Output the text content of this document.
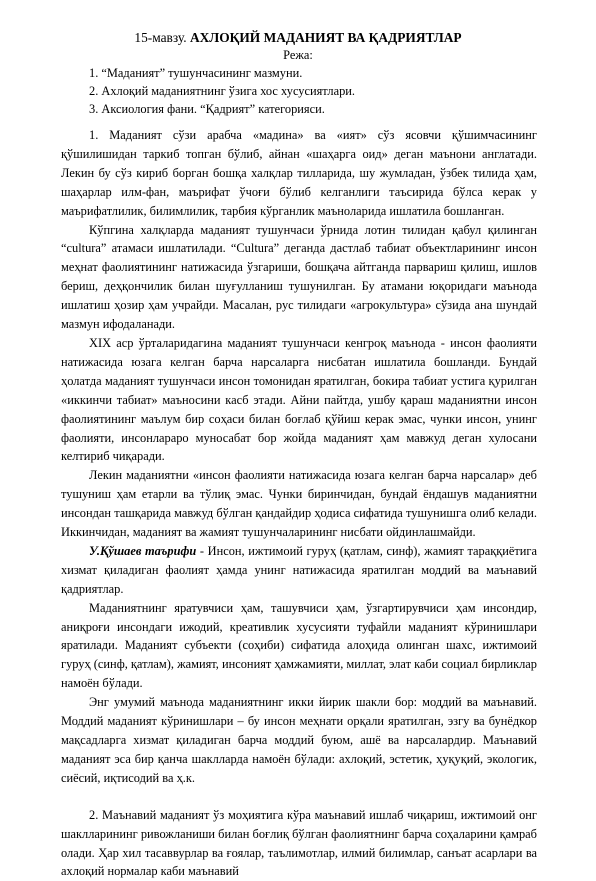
15-мавзу. АХЛОҚИЙ МАДАНИЯТ ВА ҚАДРИЯТЛАР
Режа:
1. “Маданият” тушунчасининг мазмуни.
2. Ахлоқий маданиятнинг ўзига хос хусусиятлари.
3. Аксиология фани. “Қадрият” категорияси.

1. Маданият сўзи арабча «мадина» ва «ият» сўз ясовчи қўшимчасининг қўшилишидан таркиб топган бўлиб, айнан «шаҳарга оид» деган маънони англатади. Лекин бу сўз кириб борган бошқа халқлар тилларида, шу жумладан, ўзбек тилида ҳам, шаҳарлар илм-фан, маърифат ўчоғи бўлиб келганлиги таъсирида бўлса керак у маърифатлилик, билимлилик, тарбия кўрганлик маъноларида ишлатила бошланган.

Кўпгина халқларда маданият тушунчаси ўрнида лотин тилидан қабул қилинган “cultura” атамаси ишлатилади. “Cultura” деганда дастлаб табиат объектларининг инсон меҳнат фаолиятининг натижасида ўзгариши, бошқача айтганда парвариш қилиш, ишлов бериш, деҳқончилик билан шуғулланиш тушунилган. Бу атамани юқоридаги маънода ишлатиш ҳозир ҳам учрайди. Масалан, рус тилидаги «агрокультура» сўзида ана шундай мазмун ифодаланади.

XIX аср ўрталаридагина маданият тушунчаси кенгроқ маънода - инсон фаолияти натижасида юзага келган барча нарсаларга нисбатан ишлатила бошланди. Бундай ҳолатда маданият тушунчаси инсон томонидан яратилган, бокира табиат устига қурилган «иккинчи табиат» маъносини касб этади. Айни пайтда, ушбу қараш маданиятни инсон фаолиятининг маълум бир соҳаси билан боғлаб қўйиш керак эмас, чунки инсон, унинг фаолияти, инсонлараро муносабат бор жойда маданият ҳам мавжуд деган хулосани келтириб чиқаради.

Лекин маданиятни «инсон фаолияти натижасида юзага келган барча нарсалар» деб тушуниш ҳам етарли ва тўлиқ эмас. Чунки биринчидан, бундай ёндашув маданиятни инсондан ташқарида мавжуд бўлган қандайдир ҳодиса сифатида тушунишга олиб келади. Иккинчидан, маданият ва жамият тушунчаларининг нисбати ойдинлашмайди.

У.Қўшаев таърифи - Инсон, ижтимоий гуруҳ (қатлам, синф), жамият тараққиётига хизмат қиладиган фаолият ҳамда унинг натижасида яратилган моддий ва маънавий қадриятлар.

Маданиятнинг яратувчиси ҳам, ташувчиси ҳам, ўзгартирувчиси ҳам инсондир, аниқроғи инсондаги ижодий, креативлик хусусияти туфайли маданият кўринишлари яратилади. Маданият субъекти (соҳиби) сифатида алоҳида олинган шахс, ижтимоий гуруҳ (синф, қатлам), жамият, инсоният ҳамжамияти, миллат, элат каби социал бирликлар намоён бўлади.

Энг умумий маънода маданиятнинг икки йирик шакли бор: моддий ва маънавий. Моддий маданият кўринишлари – бу инсон меҳнати орқали яратилган, эзгу ва бунёдкор мақсадларга хизмат қиладиган барча моддий буюм, ашё ва нарсалардир. Маънавий маданият эса бир қанча шаклларда намоён бўлади: ахлоқий, эстетик, ҳуқуқий, экологик, сиёсий, иқтисодий ва ҳ.к.

2. Маънавий маданият ўз моҳиятига кўра маънавий ишлаб чиқариш, ижтимоий онг шаклларининг ривожланиши билан боғлиқ бўлган фаолиятнинг барча соҳаларини қамраб олади. Ҳар хил тасаввурлар ва ғоялар, таълимотлар, илмий билимлар, санъат асарлари ва ахлоқий нормалар каби маънавий
